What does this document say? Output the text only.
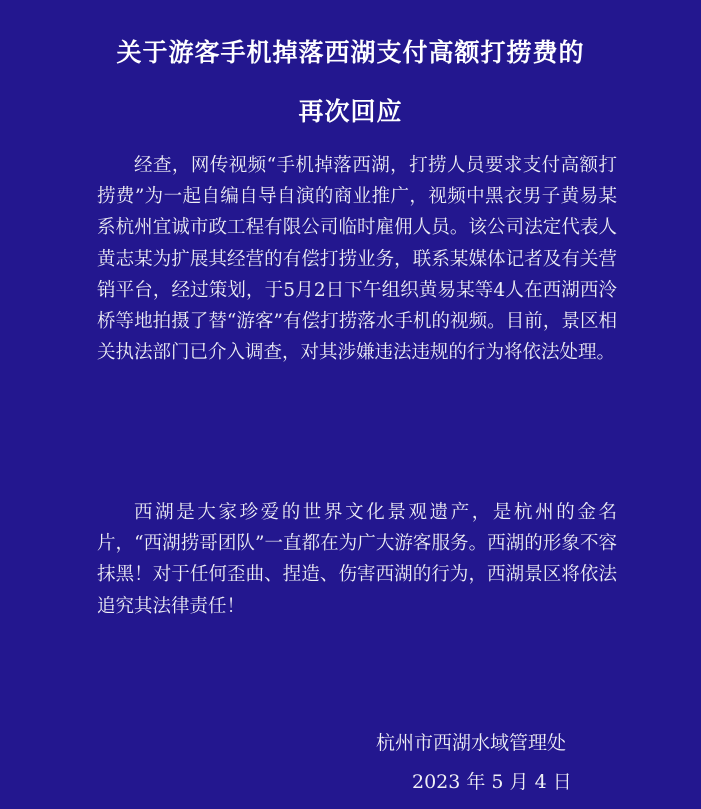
关于游客手机掉落西湖支付高额打捞费的
再次回应

经查，网传视频“手机掉落西湖，打捞人员要求支付高额打捞费”为一起自编自导自演的商业推广，视频中黑衣男子黄易某系杭州宜诚市政工程有限公司临时雇佣人员。该公司法定代表人黄志某为扩展其经营的有偿打捞业务，联系某媒体记者及有关营销平台，经过策划，于5月2日下午组织黄易某等4人在西湖西泠桥等地拍摄了替“游客”有偿打捞落水手机的视频。目前，景区相关执法部门已介入调查，对其涉嫌违法违规的行为将依法处理。

西湖是大家珍爱的世界文化景观遗产，是杭州的金名片，“西湖捞哥团队”一直都在为广大游客服务。西湖的形象不容抹黑！对于任何歪曲、捏造、伤害西湖的行为，西湖景区将依法追究其法律责任！

杭州市西湖水域管理处
2023 年 5 月 4 日
